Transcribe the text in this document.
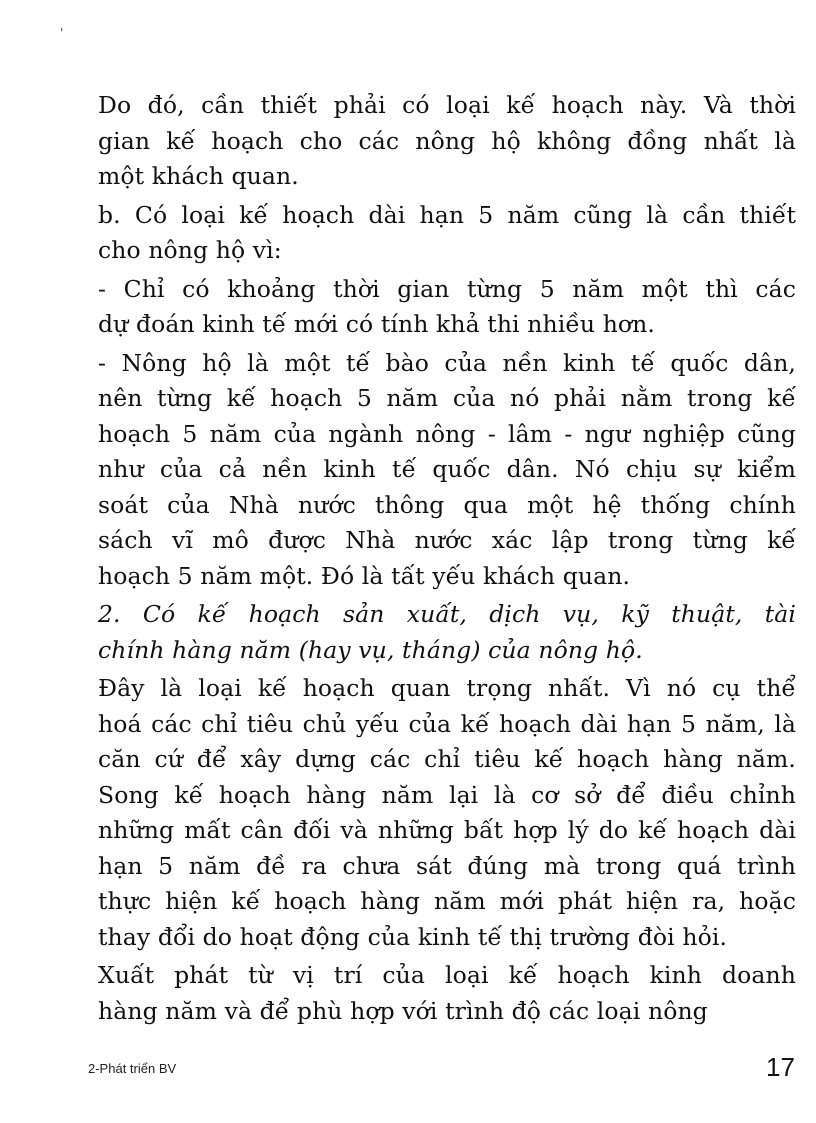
'

Do đó, cần thiết phải có loại kế hoạch này. Và thời
gian kế hoạch cho các nông hộ không đồng nhất là
một khách quan.

b. Có loại kế hoạch dài hạn 5 năm cũng là cần thiết
cho nông hộ vì:

- Chỉ có khoảng thời gian từng 5 năm một thì các
dự đoán kinh tế mới có tính khả thi nhiều hơn.

- Nông hộ là một tế bào của nền kinh tế quốc dân,
nên từng kế hoạch 5 năm của nó phải nằm trong kế
hoạch 5 năm của ngành nông - lâm - ngư nghiệp cũng
như của cả nền kinh tế quốc dân. Nó chịu sự kiểm
soát của Nhà nước thông qua một hệ thống chính
sách vĩ mô được Nhà nước xác lập trong từng kế
hoạch 5 năm một. Đó là tất yếu khách quan.

2. Có kế hoạch sản xuất, dịch vụ, kỹ thuật, tài
chính hàng năm (hay vụ, tháng) của nông hộ.

Đây là loại kế hoạch quan trọng nhất. Vì nó cụ thể
hoá các chỉ tiêu chủ yếu của kế hoạch dài hạn 5 năm, là
căn cứ để xây dựng các chỉ tiêu kế hoạch hàng năm.
Song kế hoạch hàng năm lại là cơ sở để điều chỉnh
những mất cân đối và những bất hợp lý do kế hoạch dài
hạn 5 năm đề ra chưa sát đúng mà trong quá trình
thực hiện kế hoạch hàng năm mới phát hiện ra, hoặc
thay đổi do hoạt động của kinh tế thị trường đòi hỏi.

Xuất phát từ vị trí của loại kế hoạch kinh doanh
hàng năm và để phù hợp với trình độ các loại nông

2-Phát triển BV	17
